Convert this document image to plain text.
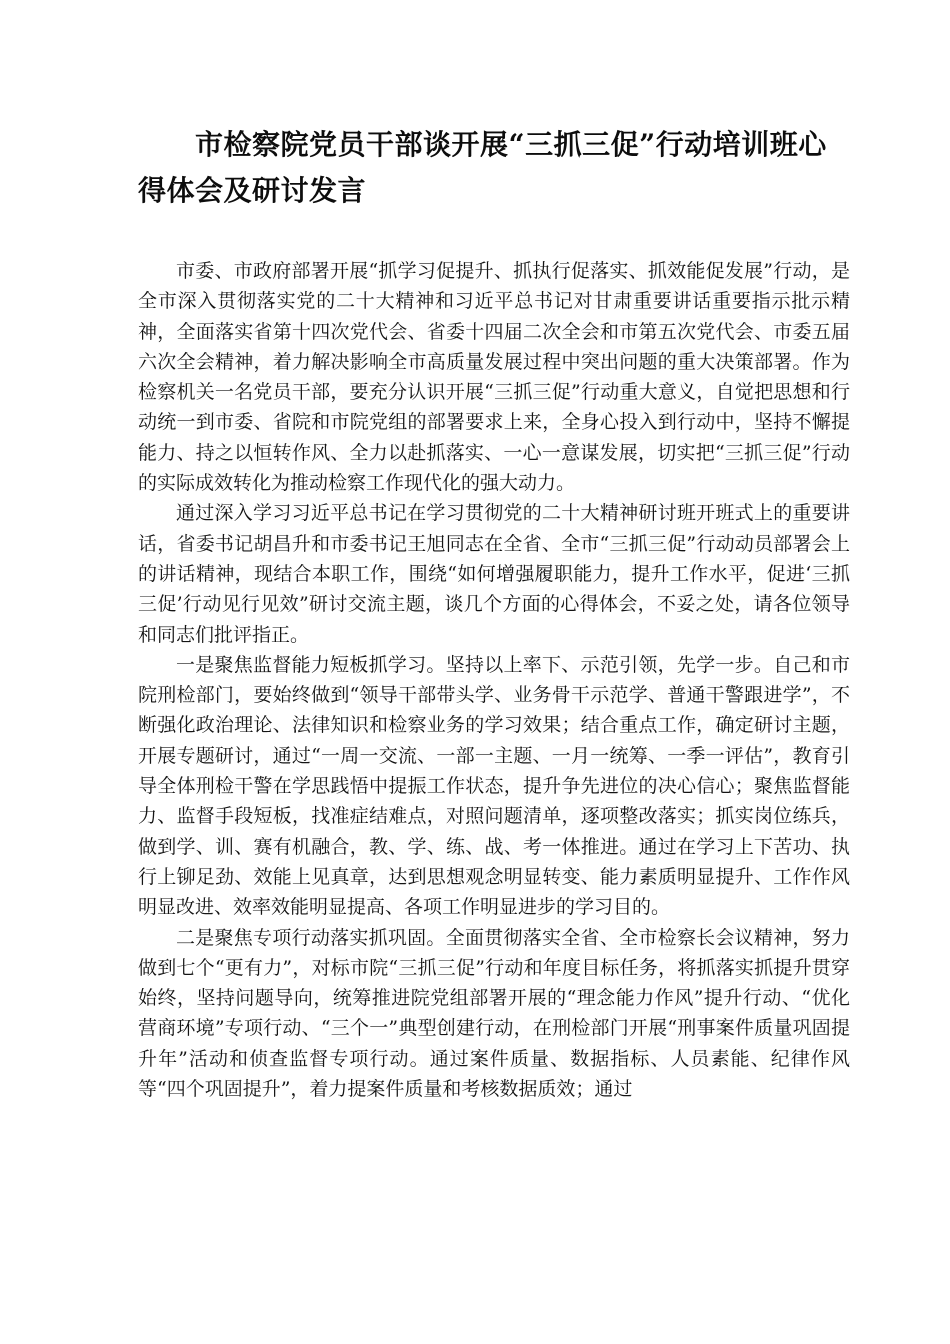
市检察院党员干部谈开展“三抓三促”行动培训班心得体会及研讨发言

市委、市政府部署开展“抓学习促提升、抓执行促落实、抓效能促发展”行动，是全市深入贯彻落实党的二十大精神和习近平总书记对甘肃重要讲话重要指示批示精神，全面落实省第十四次党代会、省委十四届二次全会和市第五次党代会、市委五届六次全会精神，着力解决影响全市高质量发展过程中突出问题的重大决策部署。作为检察机关一名党员干部，要充分认识开展“三抓三促”行动重大意义，自觉把思想和行动统一到市委、省院和市院党组的部署要求上来，全身心投入到行动中，坚持不懈提能力、持之以恒转作风、全力以赴抓落实、一心一意谋发展，切实把“三抓三促”行动的实际成效转化为推动检察工作现代化的强大动力。

通过深入学习习近平总书记在学习贯彻党的二十大精神研讨班开班式上的重要讲话，省委书记胡昌升和市委书记王旭同志在全省、全市“三抓三促”行动动员部署会上的讲话精神，现结合本职工作，围绕“如何增强履职能力，提升工作水平，促进‘三抓三促’行动见行见效”研讨交流主题，谈几个方面的心得体会，不妥之处，请各位领导和同志们批评指正。

一是聚焦监督能力短板抓学习。坚持以上率下、示范引领，先学一步。自己和市院刑检部门，要始终做到“领导干部带头学、业务骨干示范学、普通干警跟进学”，不断强化政治理论、法律知识和检察业务的学习效果；结合重点工作，确定研讨主题，开展专题研讨，通过“一周一交流、一部一主题、一月一统筹、一季一评估”，教育引导全体刑检干警在学思践悟中提振工作状态，提升争先进位的决心信心；聚焦监督能力、监督手段短板，找准症结难点，对照问题清单，逐项整改落实；抓实岗位练兵，做到学、训、赛有机融合，教、学、练、战、考一体推进。通过在学习上下苦功、执行上铆足劲、效能上见真章，达到思想观念明显转变、能力素质明显提升、工作作风明显改进、效率效能明显提高、各项工作明显进步的学习目的。

二是聚焦专项行动落实抓巩固。全面贯彻落实全省、全市检察长会议精神，努力做到七个“更有力”，对标市院“三抓三促”行动和年度目标任务，将抓落实抓提升贯穿始终，坚持问题导向，统筹推进院党组部署开展的“理念能力作风”提升行动、“优化营商环境”专项行动、“三个一”典型创建行动，在刑检部门开展“刑事案件质量巩固提升年”活动和侦查监督专项行动。通过案件质量、数据指标、人员素能、纪律作风等“四个巩固提升”，着力提案件质量和考核数据质效；通过
